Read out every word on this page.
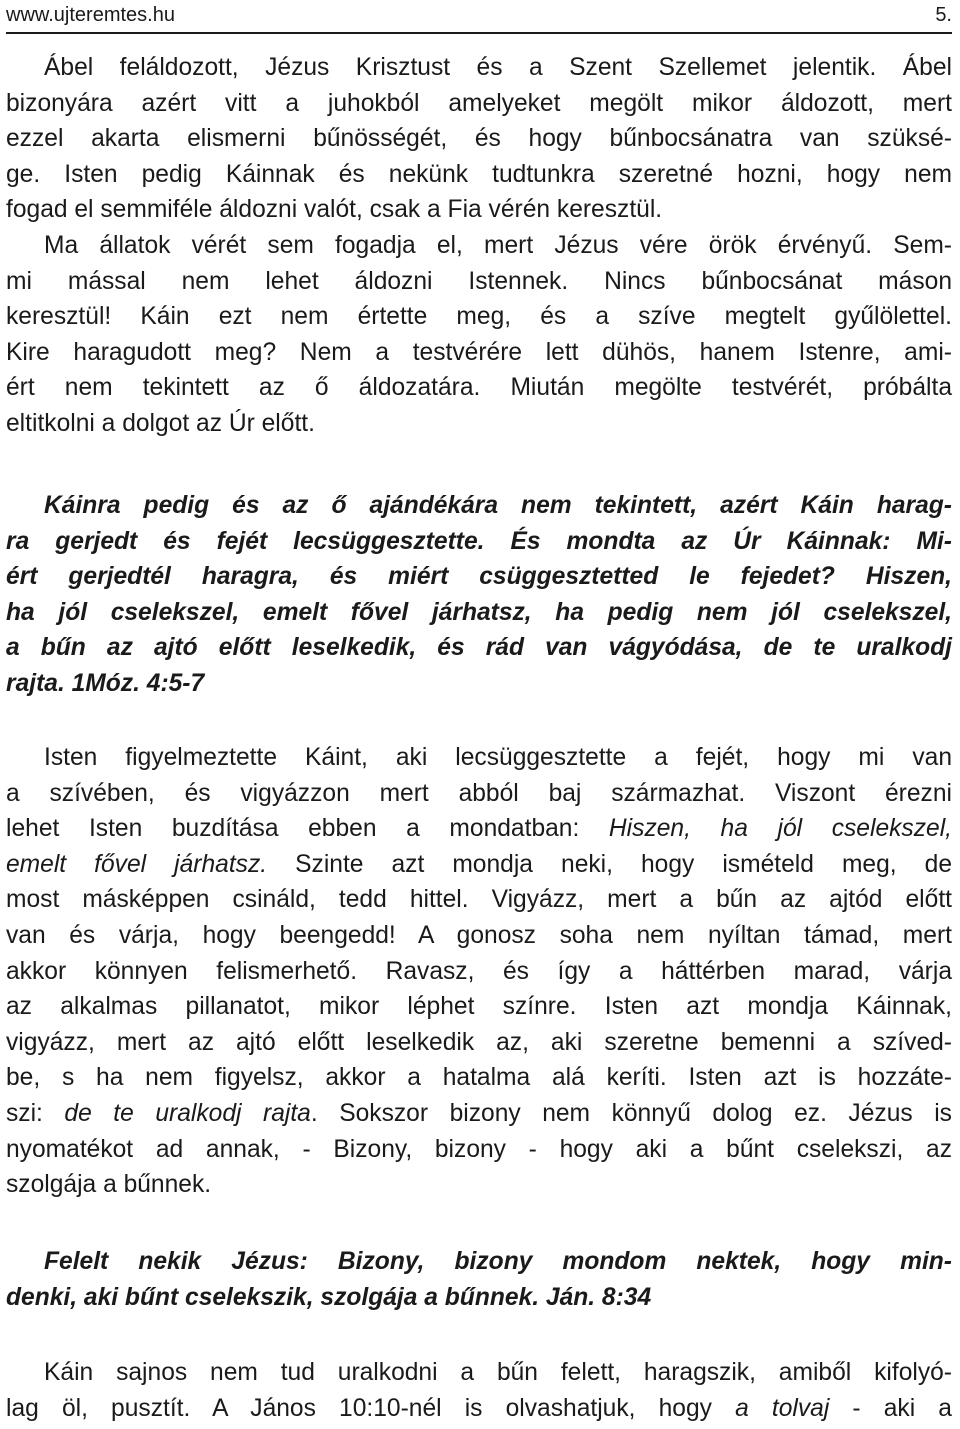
www.ujteremtes.hu	5.
Ábel feláldozott, Jézus Krisztust és a Szent Szellemet jelentik. Ábel
bizonyára azért vitt a juhokból amelyeket megölt mikor áldozott, mert
ezzel akarta elismerni bűnösségét, és hogy bűnbocsánatra van szüksé-
ge. Isten pedig Káinnak és nekünk tudtunkra szeretné hozni, hogy nem
fogad el semmiféle áldozni valót, csak a Fia vérén keresztül.
Ma állatok vérét sem fogadja el, mert Jézus vére örök érvényű. Sem-
mi mással nem lehet áldozni Istennek. Nincs bűnbocsánat máson
keresztül! Káin ezt nem értette meg, és a szíve megtelt gyűlölettel.
Kire haragudott meg? Nem a testvérére lett dühös, hanem Istenre, ami-
ért nem tekintett az ő áldozatára. Miután megölte testvérét, próbálta
eltitkolni a dolgot az Úr előtt.
Káinra pedig és az ő ajándékára nem tekintett, azért Káin harag-
ra gerjedt és fejét lecsüggesztette. És mondta az Úr Káinnak: Mi-
ért gerjedtél haragra, és miért csüggesztetted le fejedet? Hiszen,
ha jól cselekszel, emelt fővel járhatsz, ha pedig nem jól cselekszel,
a bűn az ajtó előtt leselkedik, és rád van vágyódása, de te uralkodj
rajta. 1Móz. 4:5-7
Isten figyelmeztette Káint, aki lecsüggesztette a fejét, hogy mi van
a szívében, és vigyázzon mert abból baj származhat. Viszont érezni
lehet Isten buzdítása ebben a mondatban: Hiszen, ha jól cselekszel,
emelt fővel járhatsz. Szinte azt mondja neki, hogy ismételd meg, de
most másképpen csináld, tedd hittel. Vigyázz, mert a bűn az ajtód előtt
van és várja, hogy beengedd! A gonosz soha nem nyíltan támad, mert
akkor könnyen felismerhető. Ravasz, és így a háttérben marad, várja
az alkalmas pillanatot, mikor léphet színre. Isten azt mondja Káinnak,
vigyázz, mert az ajtó előtt leselkedik az, aki szeretne bemenni a szíved-
be, s ha nem figyelsz, akkor a hatalma alá keríti. Isten azt is hozzáte-
szi: de te uralkodj rajta. Sokszor bizony nem könnyű dolog ez. Jézus is
nyomatékot ad annak, - Bizony, bizony - hogy aki a bűnt cselekszi, az
szolgája a bűnnek.
Felelt nekik Jézus: Bizony, bizony mondom nektek, hogy min-
denki, aki bűnt cselekszik, szolgája a bűnnek. Ján. 8:34
Káin sajnos nem tud uralkodni a bűn felett, haragszik, amiből kifolyó-
lag öl, pusztít. A János 10:10-nél is olvashatjuk, hogy a tolvaj - aki a
